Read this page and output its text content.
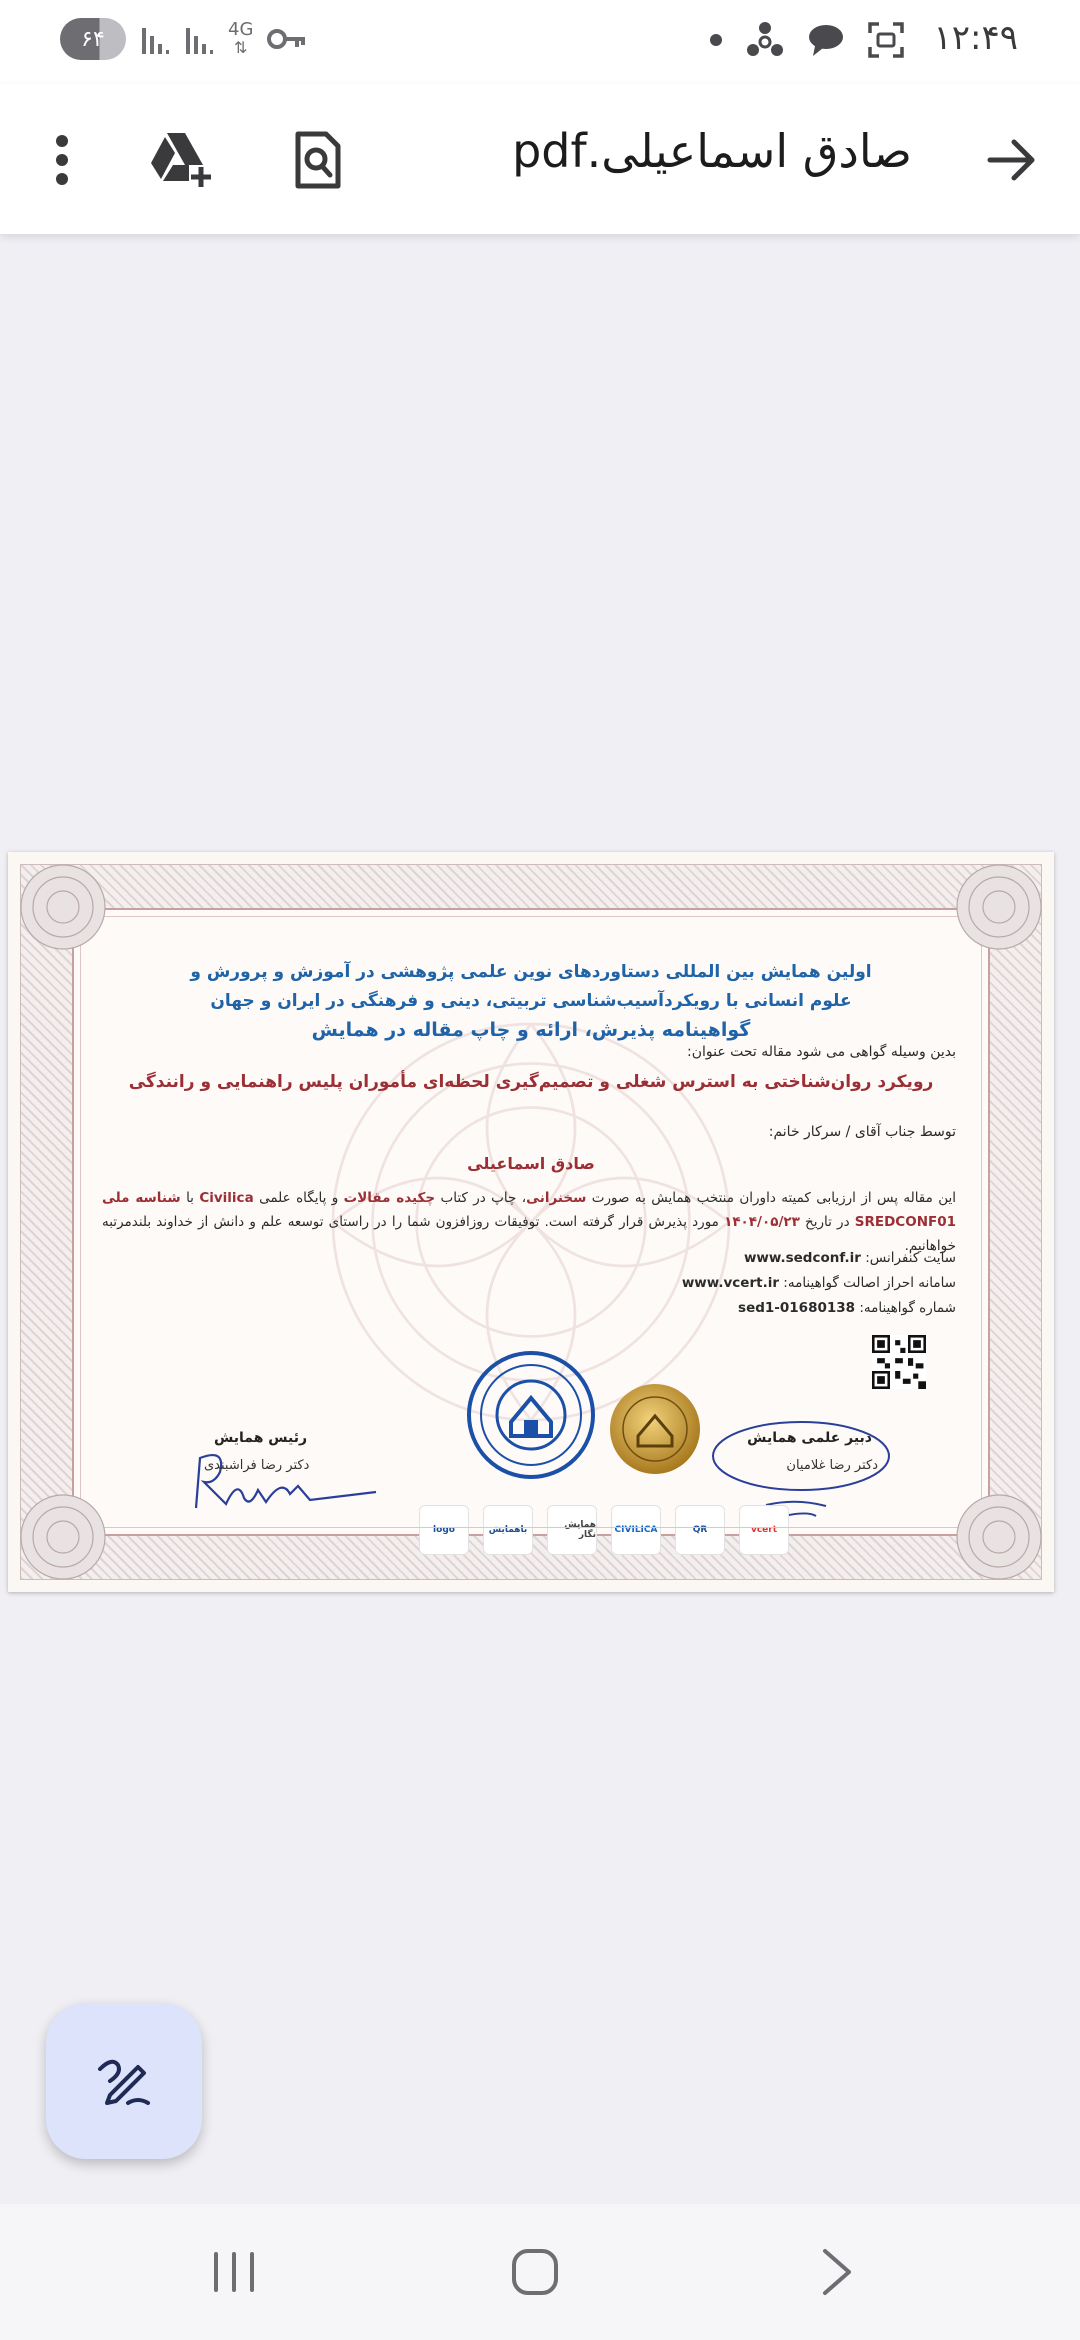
۱۲:۴۹
۶۴	4G
⇅
صادق اسماعیلی.pdf
اولین همایش بین المللی دستاوردهای نوین علمی پژوهشی در آموزش و پرورش و
علوم انسانی با رویکردآسیب‌شناسی تربیتی، دینی و فرهنگی در ایران و جهان
گواهینامه پذیرش، ارائه و چاپ مقاله در همایش
بدین وسیله گواهی می شود مقاله تحت عنوان:
رویکرد روان‌شناختی به استرس شغلی و تصمیم‌گیری لحظه‌ای مأموران پلیس راهنمایی و رانندگی
توسط جناب آقای / سرکار خانم:
صادق اسماعیلی
این مقاله پس از ارزیابی کمیته داوران منتخب همایش به صورت سخنرانی، چاپ در کتاب چکیده مقالات و پایگاه علمی Civilica با شناسه ملی SREDCONF01 در تاریخ ۱۴۰۴/۰۵/۲۳ مورد پذیرش قرار گرفته است. توفیقات روزافزون شما را در راستای توسعه علم و دانش از خداوند بلندمرتبه خواهانیم.
سایت کنفرانس: www.sedconf.ir
سامانه احراز اصالت گواهینامه: www.vcert.ir
شماره گواهینامه: sed1-01680138
دبیر علمی همایش
دکتر رضا غلامیان
رئیس همایش
دکتر رضا فراشبندی
vcert
QR
CIVILICA
همایش نگار
باهمایش
logo
